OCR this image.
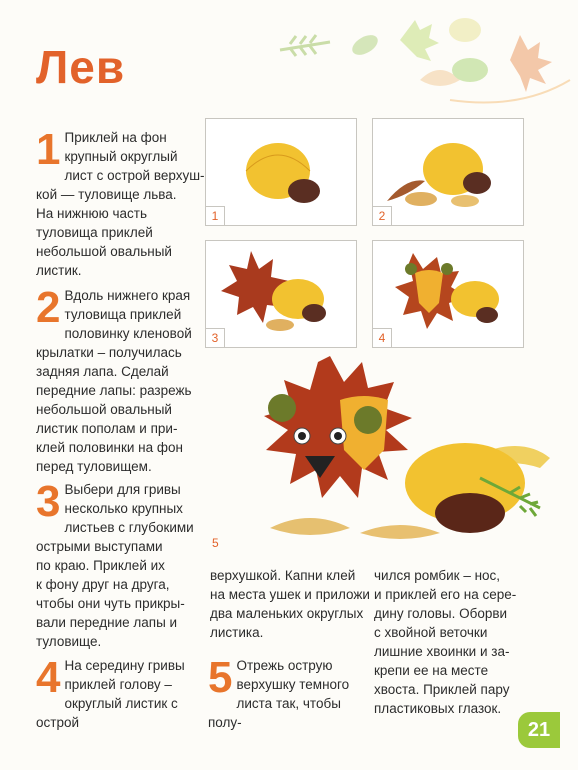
Лев
1 Приклей на фон
крупный округлый
лист с острой верхуш-
кой — туловище льва.
На нижнюю часть
туловища приклей
небольшой овальный
листик.
2 Вдоль нижнего края
туловища приклей
половинку кленовой
крылатки – получилась
задняя лапа. Сделай
передние лапы: разрежь
небольшой овальный
листик пополам и при-
клей половинки на фон
перед туловищем.
3 Выбери для гривы
несколько крупных
листьев с глубокими
острыми выступами
по краю. Приклей их
к фону друг на друга,
чтобы они чуть прикры-
вали передние лапы и
туловище.
4 На середину гривы
приклей голову –
округлый листик с острой
верхушкой. Капни клей
на места ушек и приложи
два маленьких округлых
листика.
5 Отрежь острую
верхушку темного
листа так, чтобы полу-
чился ромбик – нос,
и приклей его на сере-
дину головы. Оборви
с хвойной веточки
лишние хвоинки и за-
крепи ее на месте
хвоста. Приклей пару
пластиковых глазок.
1	2
3	4
5
21
